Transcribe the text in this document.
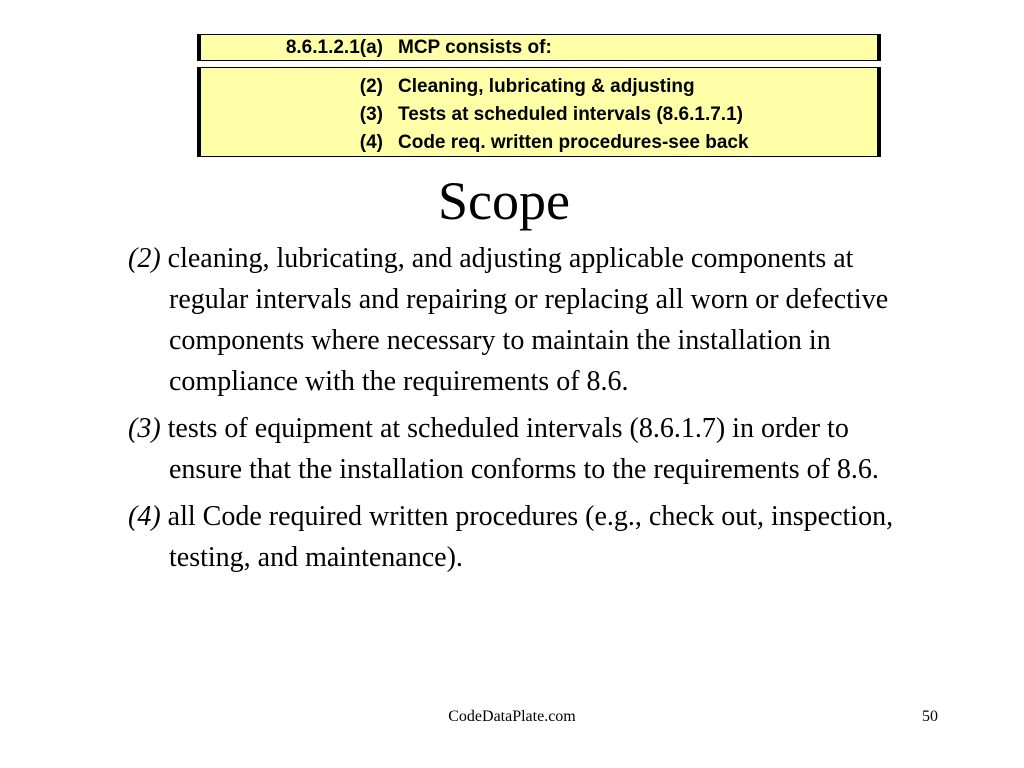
8.6.1.2.1(a) MCP consists of:
(2) Cleaning, lubricating & adjusting
(3) Tests at scheduled intervals (8.6.1.7.1)
(4) Code req. written procedures-see back
Scope
(2) cleaning, lubricating, and adjusting applicable components at regular intervals and repairing or replacing all worn or defective components where necessary to maintain the installation in compliance with the requirements of 8.6.
(3) tests of equipment at scheduled intervals (8.6.1.7) in order to ensure that the installation conforms to the requirements of 8.6.
(4) all Code required written procedures (e.g., check out, inspection, testing, and maintenance).
CodeDataPlate.com	50
